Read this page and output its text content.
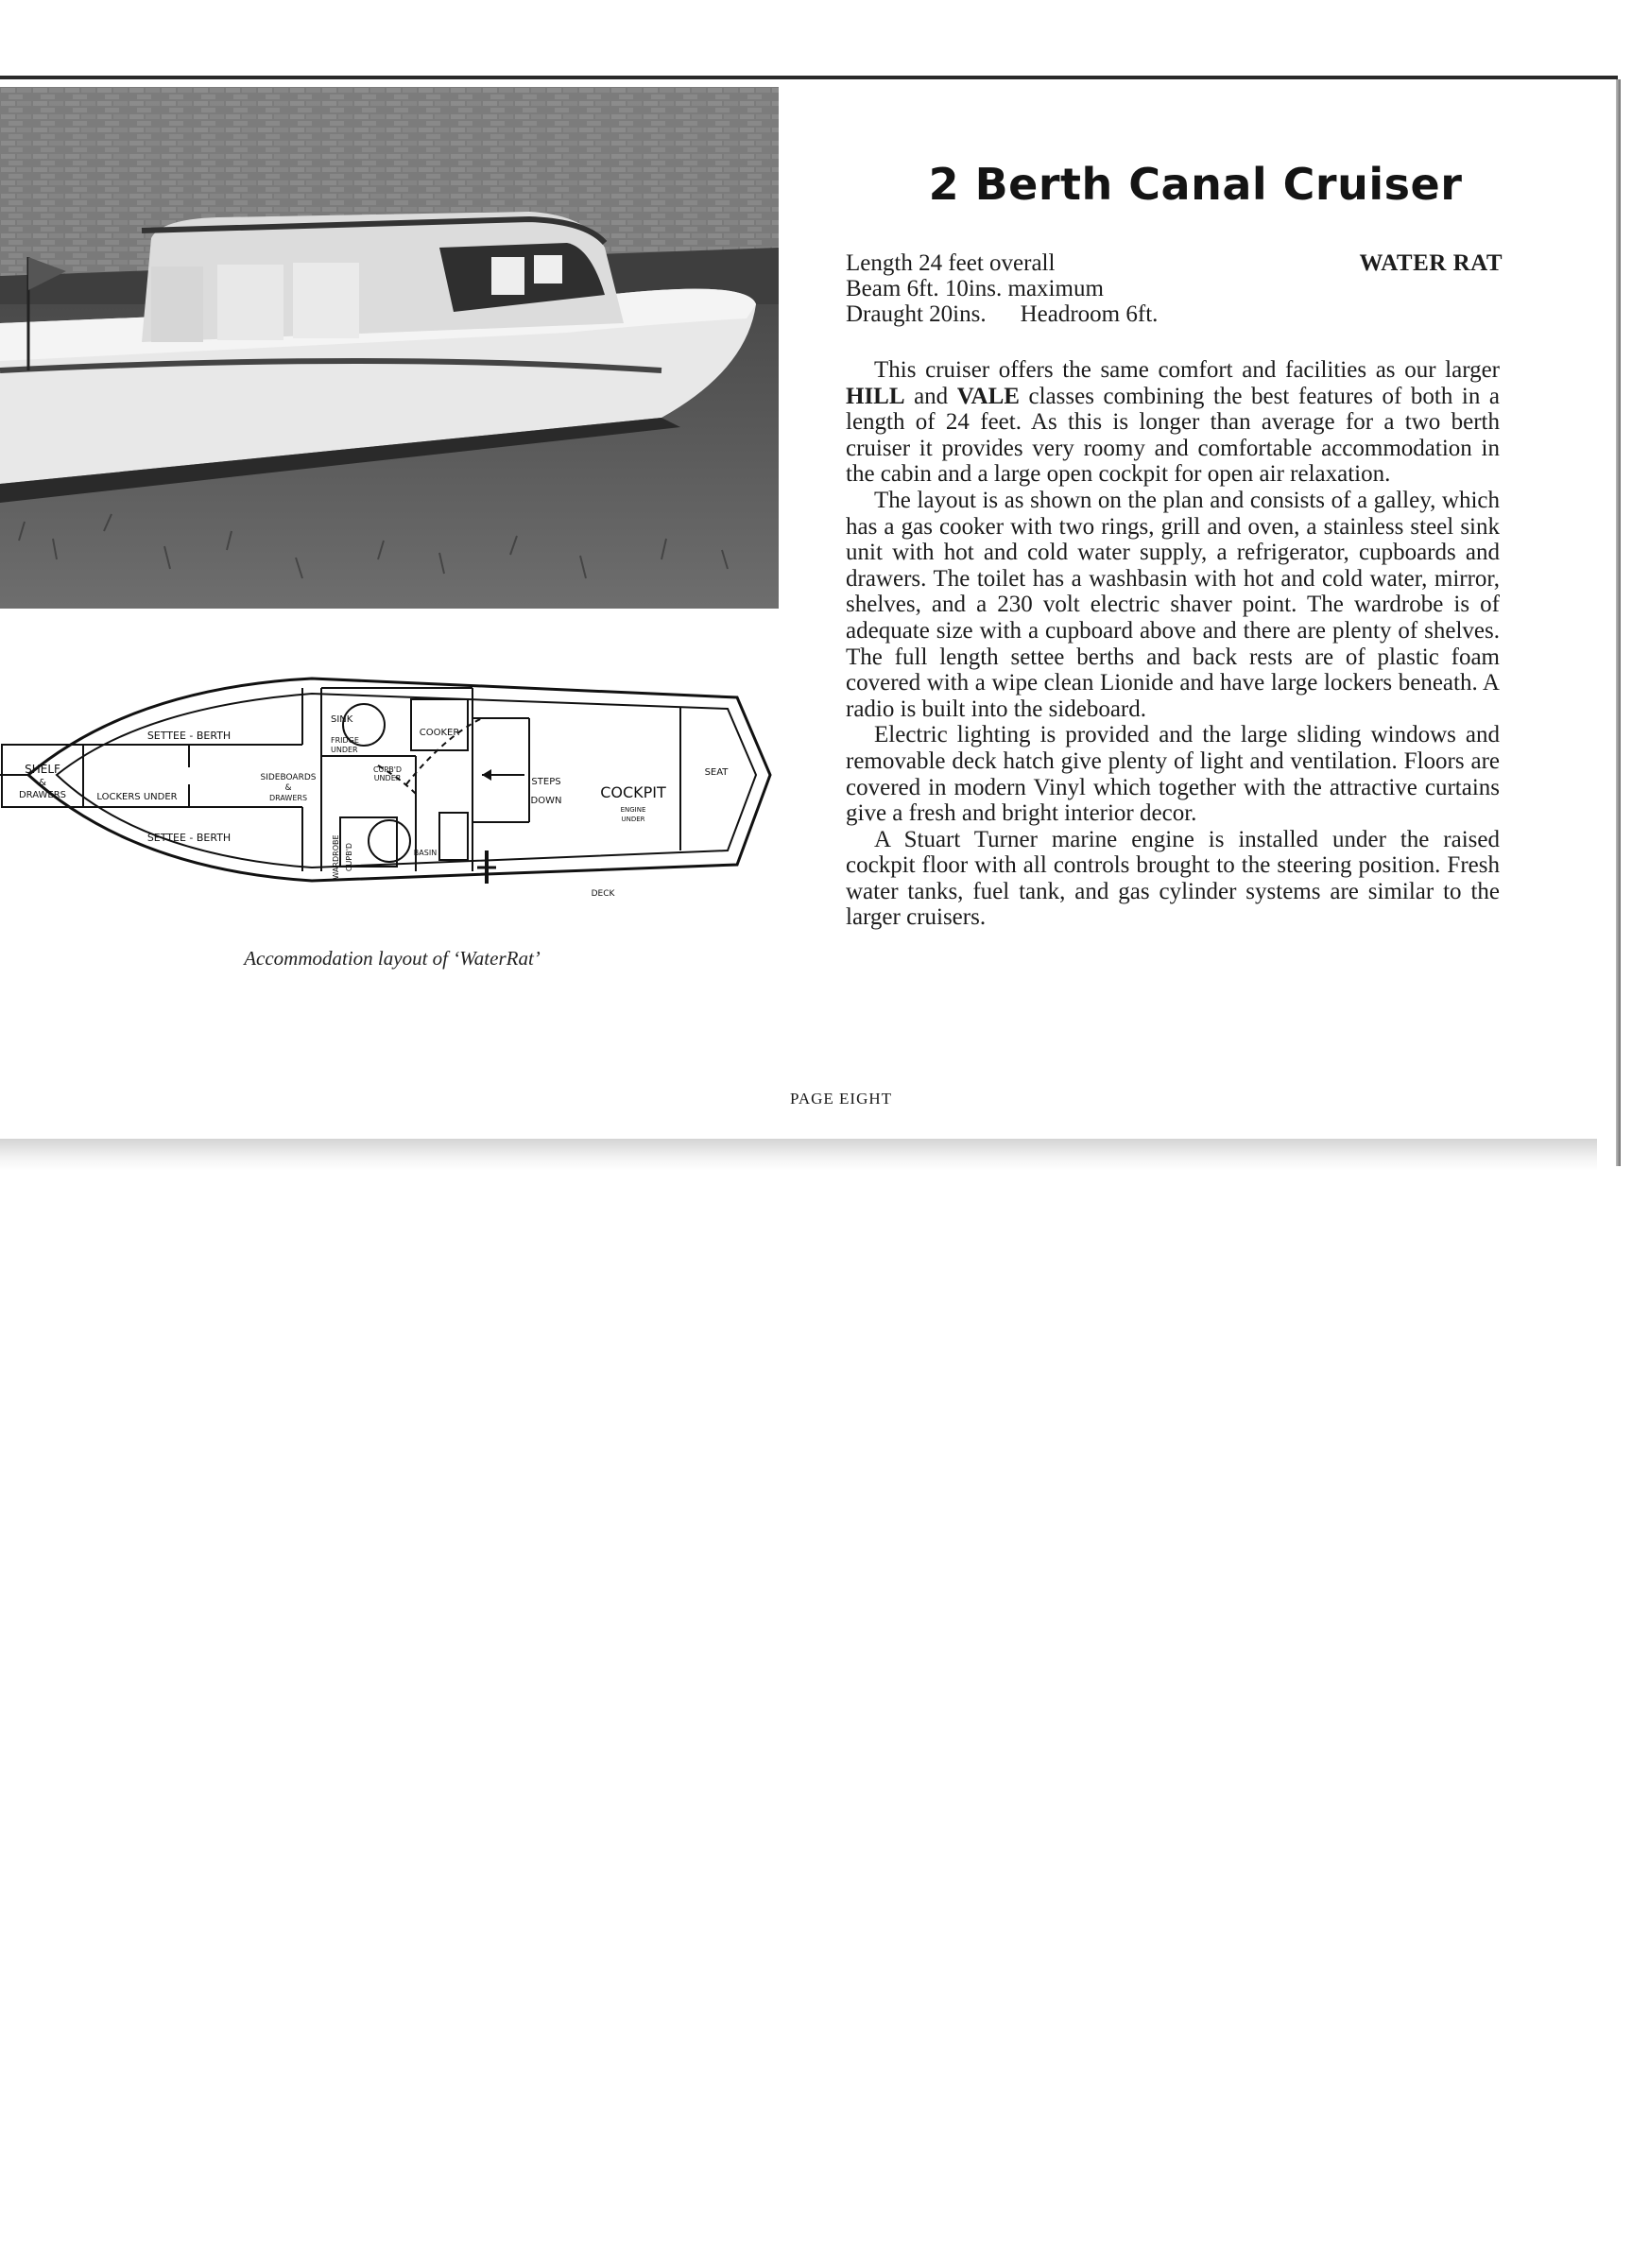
SHELF
&
DRAWERS
SETTEE - BERTH
SETTEE - BERTH
LOCKERS UNDER
SIDEBOARDS
&
DRAWERS
SINK
FRIDGE
UNDER
COOKER
CUPB'D
UNDER	STEPS
DOWN	COCKPIT
ENGINE
UNDER
SEAT
WARDROBE CUPB'D	BASIN
DECK
Accommodation layout of ‘WaterRat’
2 Berth Canal Cruiser
Length 24 feet overall	WATER RAT
Beam 6ft. 10ins. maximum
Draught 20ins. Headroom 6ft.

This cruiser offers the same comfort and facilities as our larger HILL and VALE classes combining the best features of both in a length of 24 feet. As this is longer than average for a two berth cruiser it provides very roomy and comfortable accommodation in the cabin and a large open cockpit for open air relaxation.

The layout is as shown on the plan and consists of a galley, which has a gas cooker with two rings, grill and oven, a stainless steel sink unit with hot and cold water supply, a refrigerator, cupboards and drawers. The toilet has a washbasin with hot and cold water, mirror, shelves, and a 230 volt electric shaver point. The wardrobe is of adequate size with a cupboard above and there are plenty of shelves. The full length settee berths and back rests are of plastic foam covered with a wipe clean Lionide and have large lockers beneath. A radio is built into the sideboard.

Electric lighting is provided and the large sliding windows and removable deck hatch give plenty of light and ventilation. Floors are covered in modern Vinyl which together with the attractive curtains give a fresh and bright interior decor.

A Stuart Turner marine engine is installed under the raised cockpit floor with all controls brought to the steering position. Fresh water tanks, fuel tank, and gas cylinder systems are similar to the larger cruisers.

PAGE EIGHT
